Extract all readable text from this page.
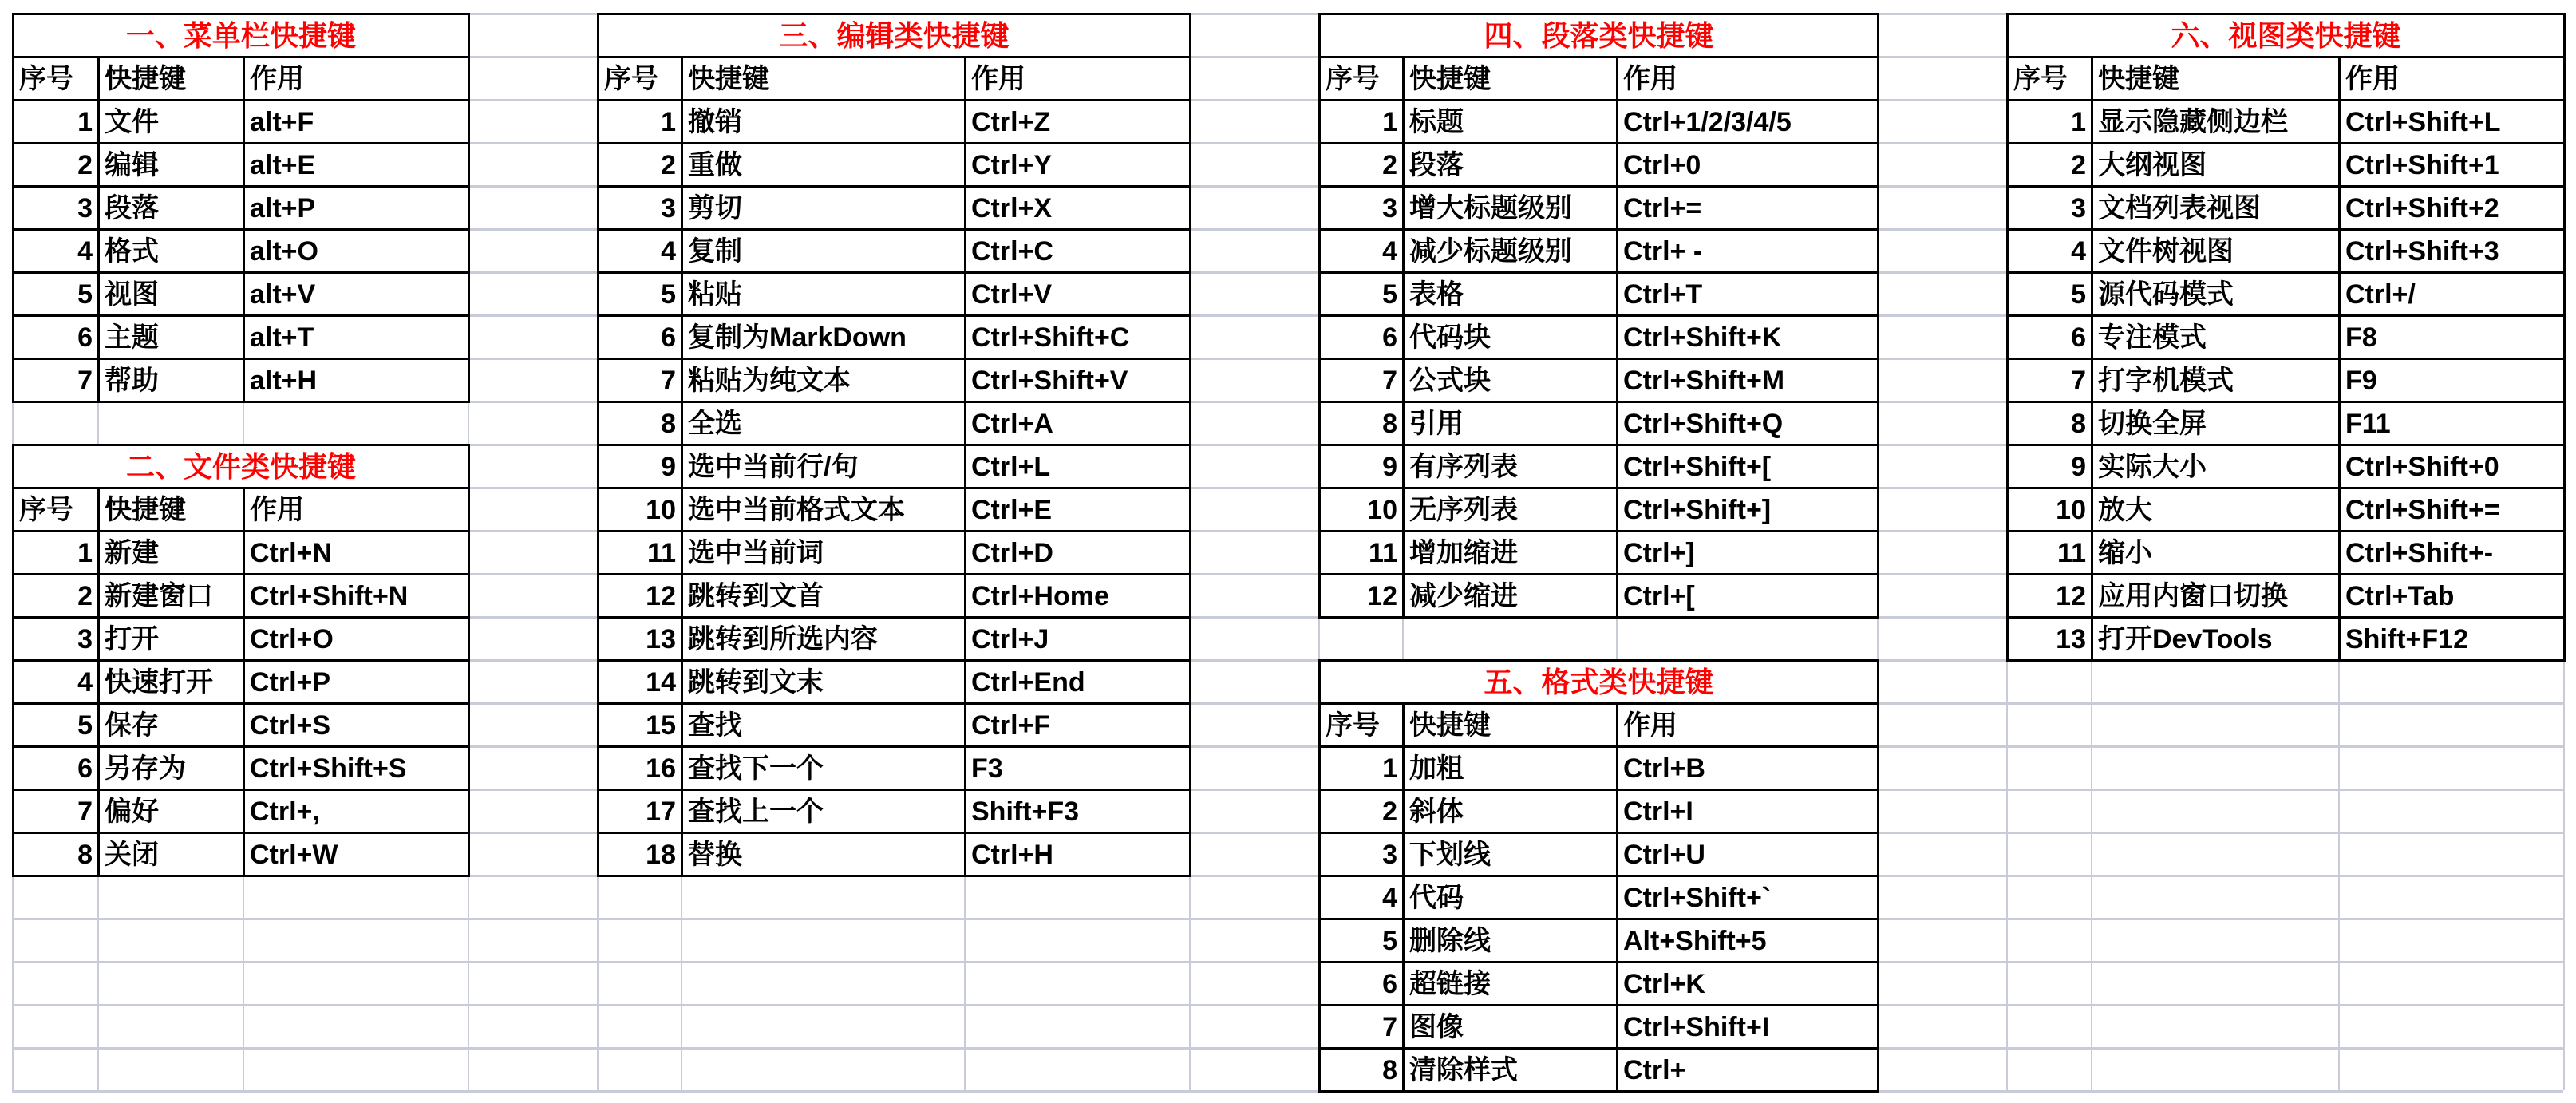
一、菜单栏快捷键		
序号	快捷键	作用
1	文件	alt+F
2	编辑	alt+E
3	段落	alt+P
4	格式	alt+O
5	视图	alt+V
6	主题	alt+T
7	帮助	alt+H
二、文件类快捷键		
序号	快捷键	作用
1	新建	Ctrl+N
2	新建窗口	Ctrl+Shift+N
3	打开	Ctrl+O
4	快速打开	Ctrl+P
5	保存	Ctrl+S
6	另存为	Ctrl+Shift+S
7	偏好	Ctrl+,
8	关闭	Ctrl+W
三、编辑类快捷键		
序号	快捷键	作用
1	撤销	Ctrl+Z
2	重做	Ctrl+Y
3	剪切	Ctrl+X
4	复制	Ctrl+C
5	粘贴	Ctrl+V
6	复制为MarkDown	Ctrl+Shift+C
7	粘贴为纯文本	Ctrl+Shift+V
8	全选	Ctrl+A
9	选中当前行/句	Ctrl+L
10	选中当前格式文本	Ctrl+E
11	选中当前词	Ctrl+D
12	跳转到文首	Ctrl+Home
13	跳转到所选内容	Ctrl+J
14	跳转到文末	Ctrl+End
15	查找	Ctrl+F
16	查找下一个	F3
17	查找上一个	Shift+F3
18	替换	Ctrl+H
四、段落类快捷键		
序号	快捷键	作用
1	标题	Ctrl+1/2/3/4/5
2	段落	Ctrl+0
3	增大标题级别	Ctrl+=
4	减少标题级别	Ctrl+ -
5	表格	Ctrl+T
6	代码块	Ctrl+Shift+K
7	公式块	Ctrl+Shift+M
8	引用	Ctrl+Shift+Q
9	有序列表	Ctrl+Shift+[
10	无序列表	Ctrl+Shift+]
11	增加缩进	Ctrl+]
12	减少缩进	Ctrl+[
五、格式类快捷键		
序号	快捷键	作用
1	加粗	Ctrl+B
2	斜体	Ctrl+I
3	下划线	Ctrl+U
4	代码	Ctrl+Shift+`
5	删除线	Alt+Shift+5
6	超链接	Ctrl+K
7	图像	Ctrl+Shift+I
8	清除样式	Ctrl+
六、视图类快捷键		
序号	快捷键	作用
1	显示隐藏侧边栏	Ctrl+Shift+L
2	大纲视图	Ctrl+Shift+1
3	文档列表视图	Ctrl+Shift+2
4	文件树视图	Ctrl+Shift+3
5	源代码模式	Ctrl+/
6	专注模式	F8
7	打字机模式	F9
8	切换全屏	F11
9	实际大小	Ctrl+Shift+0
10	放大	Ctrl+Shift+=
11	缩小	Ctrl+Shift+-
12	应用内窗口切换	Ctrl+Tab
13	打开DevTools	Shift+F12
